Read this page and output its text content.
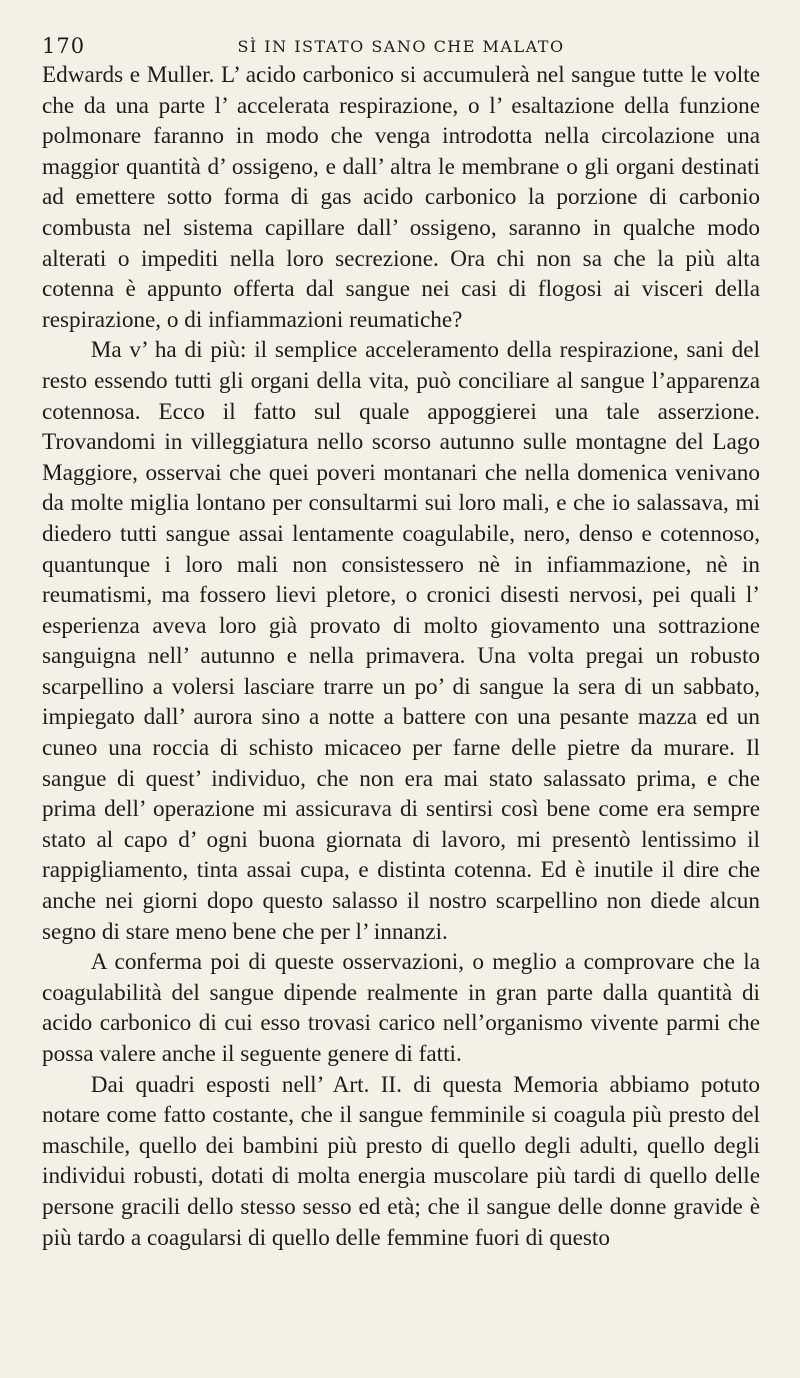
170	SÌ IN ISTATO SANO CHE MALATO

Edwards e Muller. L’ acido carbonico si accumulerà nel sangue tutte le volte che da una parte l’ accelerata respirazione, o l’ esaltazione della funzione polmonare faranno in modo che venga introdotta nella circolazione una maggior quantità d’ ossigeno, e dall’ altra le membrane o gli organi destinati ad emettere sotto forma di gas acido carbonico la porzione di carbonio combusta nel sistema capillare dall’ ossigeno, saranno in qualche modo alterati o impediti nella loro secrezione. Ora chi non sa che la più alta cotenna è appunto offerta dal sangue nei casi di flogosi ai visceri della respirazione, o di infiammazioni reumatiche?

Ma v’ ha di più: il semplice acceleramento della respirazione, sani del resto essendo tutti gli organi della vita, può conciliare al sangue l’apparenza cotennosa. Ecco il fatto sul quale appoggierei una tale asserzione. Trovandomi in villeggiatura nello scorso autunno sulle montagne del Lago Maggiore, osservai che quei poveri montanari che nella domenica venivano da molte miglia lontano per consultarmi sui loro mali, e che io salassava, mi diedero tutti sangue assai lentamente coagulabile, nero, denso e cotennoso, quantunque i loro mali non consistessero nè in infiammazione, nè in reumatismi, ma fossero lievi pletore, o cronici disesti nervosi, pei quali l’ esperienza aveva loro già provato di molto giovamento una sottrazione sanguigna nell’ autunno e nella primavera. Una volta pregai un robusto scarpellino a volersi lasciare trarre un po’ di sangue la sera di un sabbato, impiegato dall’ aurora sino a notte a battere con una pesante mazza ed un cuneo una roccia di schisto micaceo per farne delle pietre da murare. Il sangue di quest’ individuo, che non era mai stato salassato prima, e che prima dell’ operazione mi assicurava di sentirsi così bene come era sempre stato al capo d’ ogni buona giornata di lavoro, mi presentò lentissimo il rappigliamento, tinta assai cupa, e distinta cotenna. Ed è inutile il dire che anche nei giorni dopo questo salasso il nostro scarpellino non diede alcun segno di stare meno bene che per l’ innanzi.

A conferma poi di queste osservazioni, o meglio a comprovare che la coagulabilità del sangue dipende realmente in gran parte dalla quantità di acido carbonico di cui esso trovasi carico nell’organismo vivente parmi che possa valere anche il seguente genere di fatti.

Dai quadri esposti nell’ Art. II. di questa Memoria abbiamo potuto notare come fatto costante, che il sangue femminile si coagula più presto del maschile, quello dei bambini più presto di quello degli adulti, quello degli individui robusti, dotati di molta energia muscolare più tardi di quello delle persone gracili dello stesso sesso ed età; che il sangue delle donne gravide è più tardo a coagularsi di quello delle femmine fuori di questo
